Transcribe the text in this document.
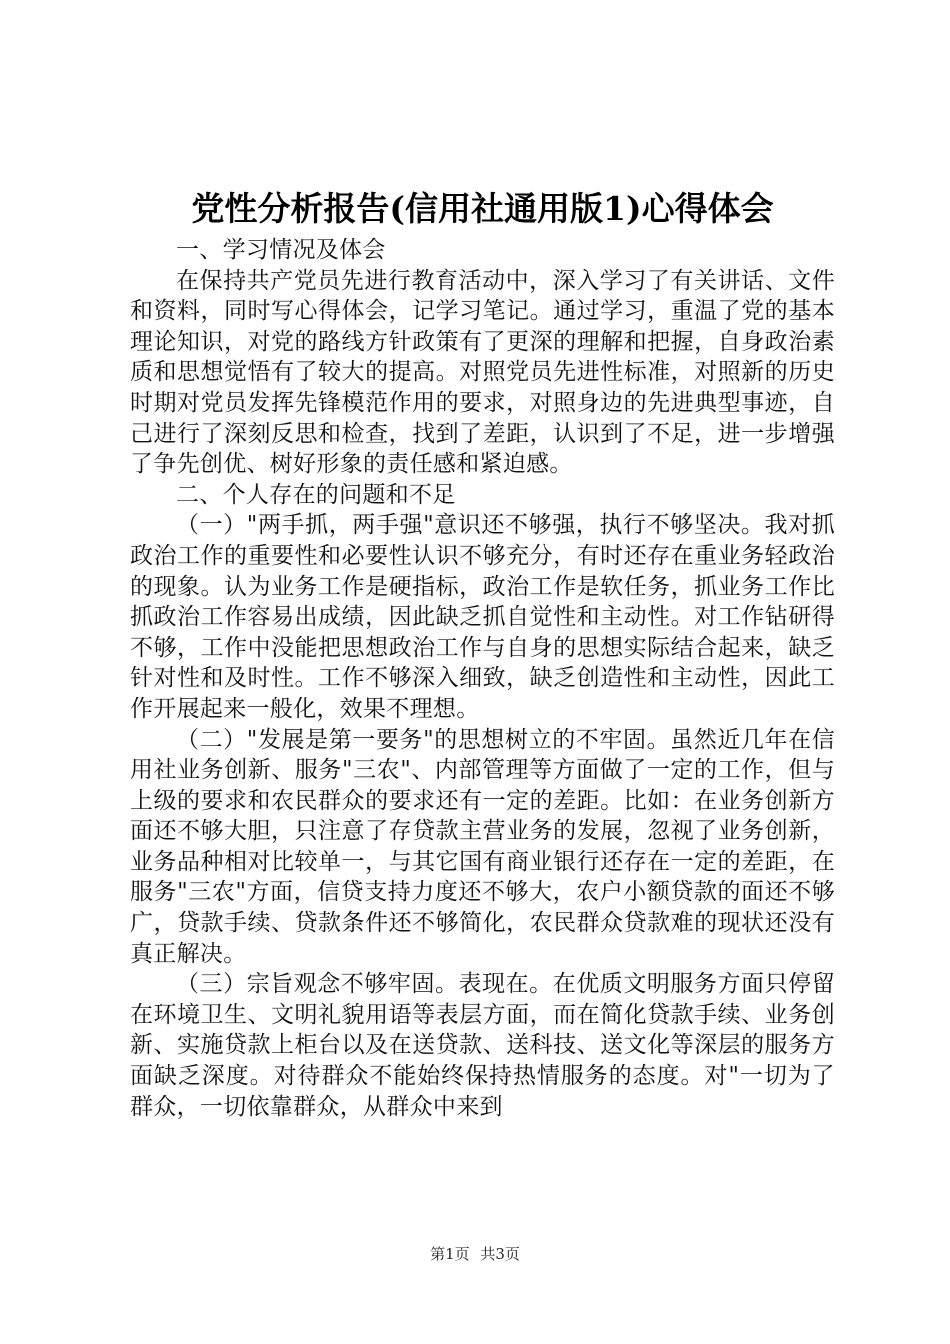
党性分析报告(信用社通用版1)心得体会

一、学习情况及体会

在保持共产党员先进行教育活动中，深入学习了有关讲话、文件和资料，同时写心得体会，记学习笔记。通过学习，重温了党的基本理论知识，对党的路线方针政策有了更深的理解和把握，自身政治素质和思想觉悟有了较大的提高。对照党员先进性标准，对照新的历史时期对党员发挥先锋模范作用的要求，对照身边的先进典型事迹，自己进行了深刻反思和检查，找到了差距，认识到了不足，进一步增强了争先创优、树好形象的责任感和紧迫感。

二、个人存在的问题和不足

（一）"两手抓，两手强"意识还不够强，执行不够坚决。我对抓政治工作的重要性和必要性认识不够充分，有时还存在重业务轻政治的现象。认为业务工作是硬指标，政治工作是软任务，抓业务工作比抓政治工作容易出成绩，因此缺乏抓自觉性和主动性。对工作钻研得不够，工作中没能把思想政治工作与自身的思想实际结合起来，缺乏针对性和及时性。工作不够深入细致，缺乏创造性和主动性，因此工作开展起来一般化，效果不理想。

（二）"发展是第一要务"的思想树立的不牢固。虽然近几年在信用社业务创新、服务"三农"、内部管理等方面做了一定的工作，但与上级的要求和农民群众的要求还有一定的差距。比如：在业务创新方面还不够大胆，只注意了存贷款主营业务的发展，忽视了业务创新，业务品种相对比较单一，与其它国有商业银行还存在一定的差距，在服务"三农"方面，信贷支持力度还不够大，农户小额贷款的面还不够广，贷款手续、贷款条件还不够简化，农民群众贷款难的现状还没有真正解决。

（三）宗旨观念不够牢固。表现在。在优质文明服务方面只停留在环境卫生、文明礼貌用语等表层方面，而在简化贷款手续、业务创新、实施贷款上柜台以及在送贷款、送科技、送文化等深层的服务方面缺乏深度。对待群众不能始终保持热情服务的态度。对"一切为了群众，一切依靠群众，从群众中来到

第1页 共3页
